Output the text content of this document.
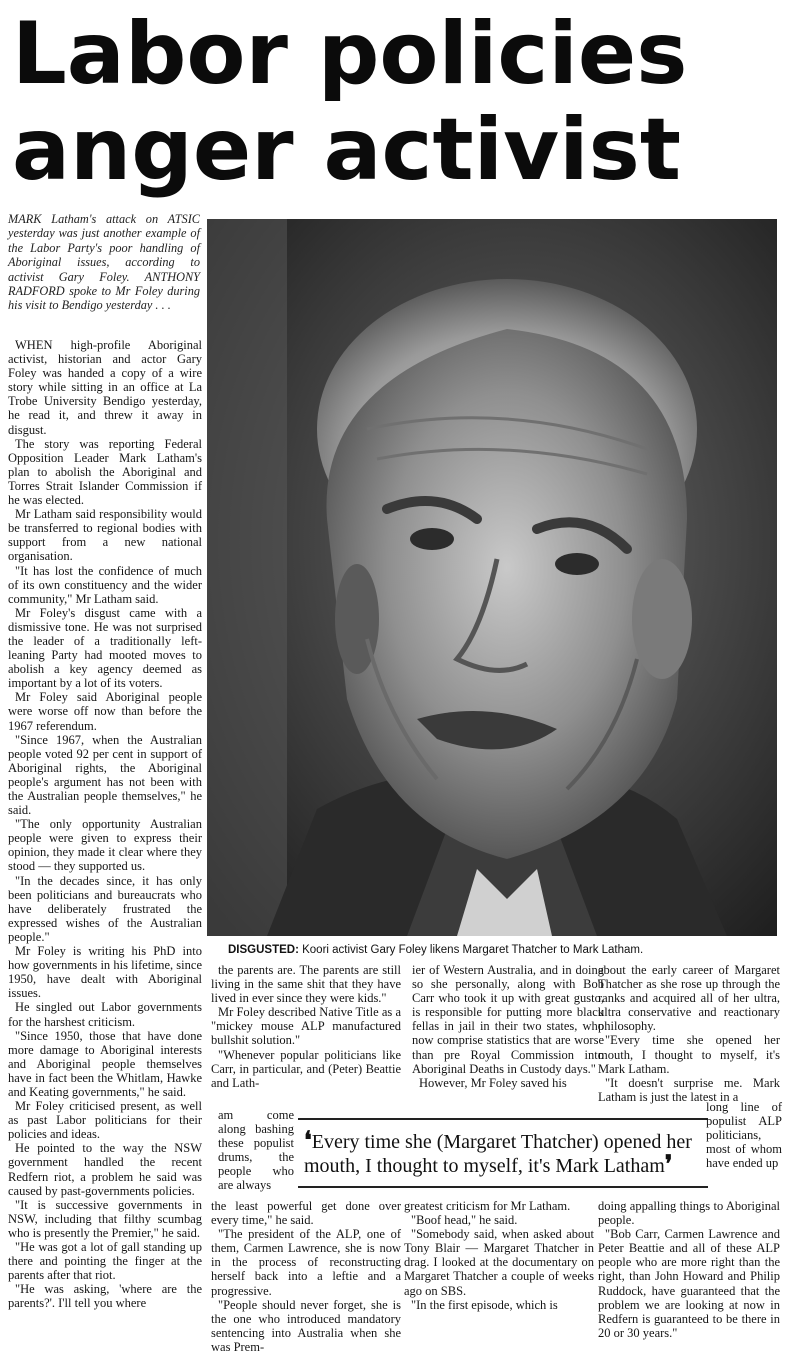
Labor policies
anger activist

MARK Latham's attack on ATSIC yesterday was just another example of the Labor Party's poor handling of Aboriginal issues, according to activist Gary Foley. ANTHONY RADFORD spoke to Mr Foley during his visit to Bendigo yesterday . . .

WHEN high-profile Aboriginal activist, historian and actor Gary Foley was handed a copy of a wire story while sitting in an office at La Trobe University Bendigo yesterday, he read it, and threw it away in disgust.

The story was reporting Federal Opposition Leader Mark Latham's plan to abolish the Aboriginal and Torres Strait Islander Commission if he was elected.

Mr Latham said responsibility would be transferred to regional bodies with support from a new national organisation.

"It has lost the confidence of much of its own constituency and the wider community," Mr Latham said.

Mr Foley's disgust came with a dismissive tone. He was not surprised the leader of a traditionally left-leaning Party had mooted moves to abolish a key agency deemed as important by a lot of its voters.

Mr Foley said Aboriginal people were worse off now than before the 1967 referendum.

"Since 1967, when the Australian people voted 92 per cent in support of Aboriginal rights, the Aboriginal people's argument has not been with the Australian people themselves," he said.

"The only opportunity Australian people were given to express their opinion, they made it clear where they stood — they supported us.

"In the decades since, it has only been politicians and bureaucrats who have deliberately frustrated the expressed wishes of the Australian people."

Mr Foley is writing his PhD into how governments in his lifetime, since 1950, have dealt with Aboriginal issues.

He singled out Labor governments for the harshest criticism.

"Since 1950, those that have done more damage to Aboriginal interests and Aboriginal people themselves have in fact been the Whitlam, Hawke and Keating governments," he said.

Mr Foley criticised present, as well as past Labor politicians for their policies and ideas.

He pointed to the way the NSW government handled the recent Redfern riot, a problem he said was caused by past-governments policies.

"It is successive governments in NSW, including that filthy scumbag who is presently the Premier," he said.

"He was got a lot of gall standing up there and pointing the finger at the parents after that riot.

"He was asking, 'where are the parents?'. I'll tell you where

DISGUSTED: Koori activist Gary Foley likens Margaret Thatcher to Mark Latham.

the parents are. The parents are still living in the same shit that they have lived in ever since they were kids."

Mr Foley described Native Title as a "mickey mouse ALP manufactured bullshit solution."

"Whenever popular politicians like Carr, in particular, and (Peter) Beattie and Lath-

am come along bashing these populist drums, the people who are always

❛Every time she (Margaret Thatcher) opened her mouth, I thought to myself, it's Mark Latham❜

the least powerful get done over every time," he said.

"The president of the ALP, one of them, Carmen Lawrence, she is now in the process of reconstructing herself back into a leftie and a progressive.

"People should never forget, she is the one who introduced mandatory sentencing into Australia when she was Prem-

ier of Western Australia, and in doing so she personally, along with Bob Carr who took it up with great gusto, is responsible for putting more black fellas in jail in their two states, who now comprise statistics that are worse than pre Royal Commission into Aboriginal Deaths in Custody days."

However, Mr Foley saved his

greatest criticism for Mr Latham.

"Boof head," he said.

"Somebody said, when asked about Tony Blair — Margaret Thatcher in drag. I looked at the documentary on Margaret Thatcher a couple of weeks ago on SBS.

"In the first episode, which is

about the early career of Margaret Thatcher as she rose up through the ranks and acquired all of her ultra, ultra conservative and reactionary philosophy.

"Every time she opened her mouth, I thought to myself, it's Mark Latham.

"It doesn't surprise me. Mark Latham is just the latest in a

long line of populist ALP politicians, most of whom have ended up

doing appalling things to Aboriginal people.

"Bob Carr, Carmen Lawrence and Peter Beattie and all of these ALP people who are more right than the right, than John Howard and Philip Ruddock, have guaranteed that the problem we are looking at now in Redfern is guaranteed to be there in 20 or 30 years."
